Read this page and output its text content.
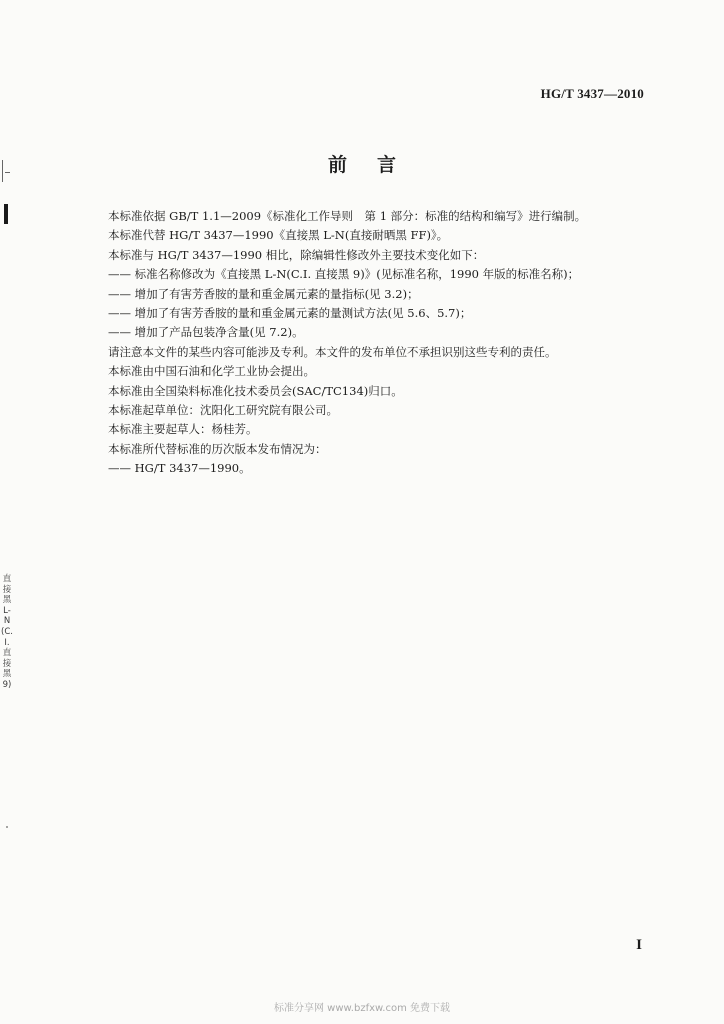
HG/T 3437—2010
前 言
本标准依据 GB/T 1.1—2009《标准化工作导则　第 1 部分：标准的结构和编写》进行编制。
本标准代替 HG/T 3437—1990《直接黑 L-N(直接耐晒黑 FF)》。
本标准与 HG/T 3437—1990 相比，除编辑性修改外主要技术变化如下：
—— 标准名称修改为《直接黑 L-N(C.I. 直接黑 9)》(见标准名称，1990 年版的标准名称)；
—— 增加了有害芳香胺的量和重金属元素的量指标(见 3.2)；
—— 增加了有害芳香胺的量和重金属元素的量测试方法(见 5.6、5.7)；
—— 增加了产品包装净含量(见 7.2)。
请注意本文件的某些内容可能涉及专利。本文件的发布单位不承担识别这些专利的责任。
本标准由中国石油和化学工业协会提出。
本标准由全国染料标准化技术委员会(SAC/TC134)归口。
本标准起草单位：沈阳化工研究院有限公司。
本标准主要起草人：杨桂芳。
本标准所代替标准的历次版本发布情况为：
—— HG/T 3437—1990。
直接黑L-N(C.I.直接黑9)
I
标准分享网 www.bzfxw.com 免费下载
